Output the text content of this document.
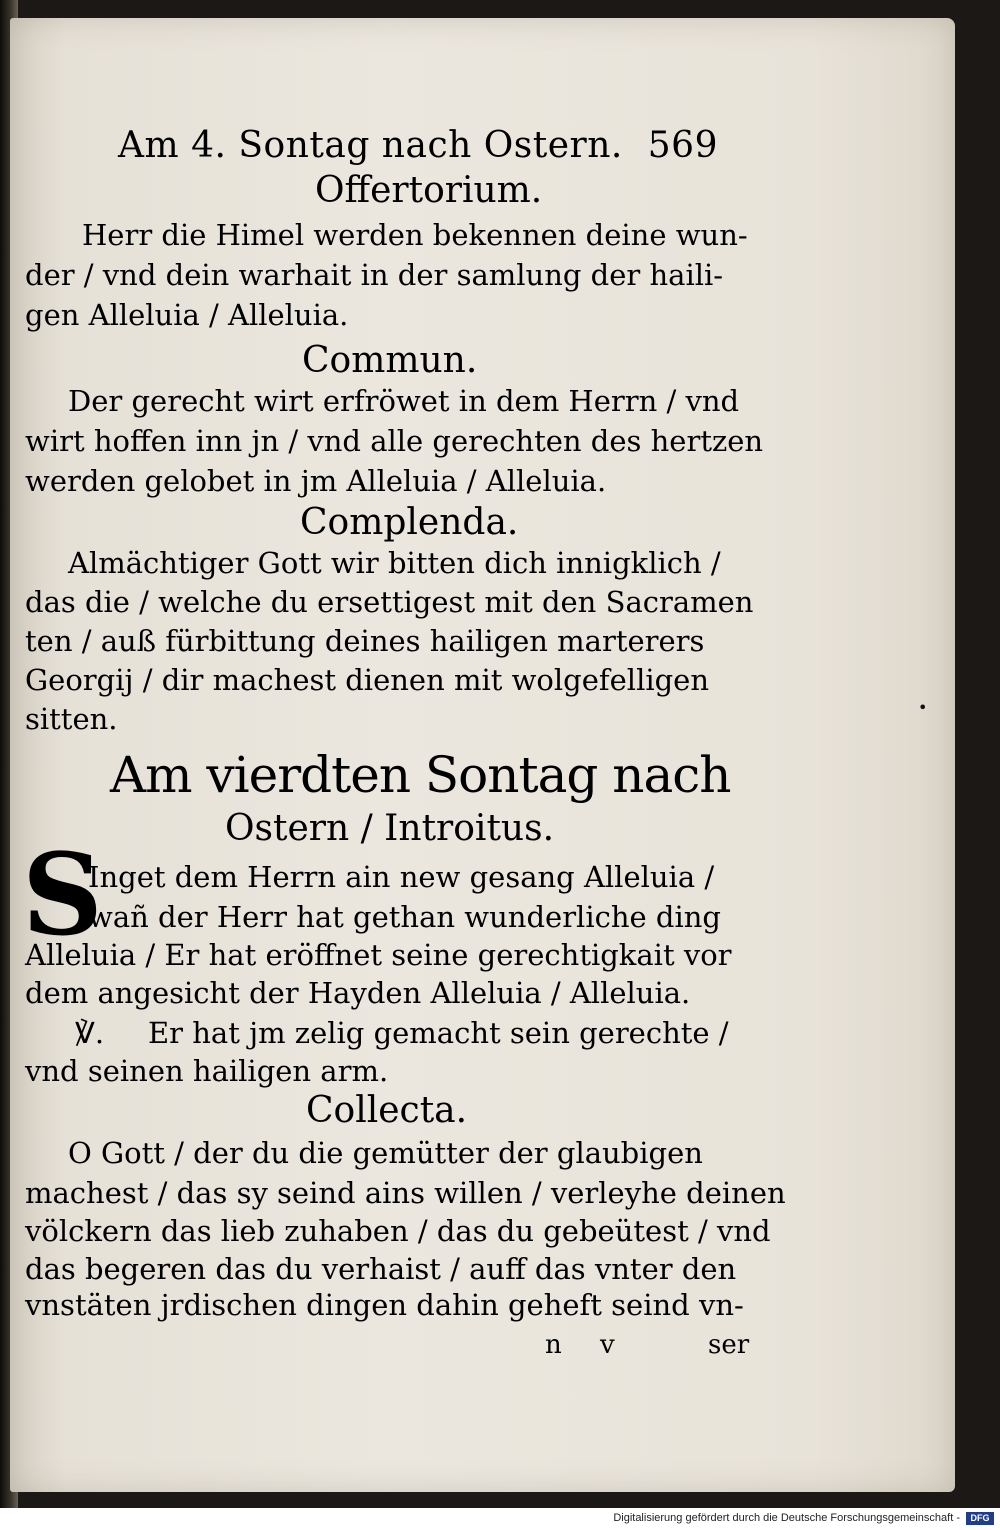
Am 4. Sontag nach Ostern. 569
Offertorium.
Herr die Himel werden bekennen deine wun-
der / vnd dein warhait in der samlung der haili-
gen Alleluia / Alleluia.
Commun.
Der gerecht wirt erfröwet in dem Herrn / vnd
wirt hoffen inn jn / vnd alle gerechten des hertzen
werden gelobet in jm Alleluia / Alleluia.
Complenda.
Almächtiger Gott wir bitten dich innigklich /
das die / welche du ersettigest mit den Sacramen
ten / auß fürbittung deines hailigen marterers
Georgij / dir machest dienen mit wolgefelligen
sitten.
Am vierdten Sontag nach
Ostern / Introitus.
S
Inget dem Herrn ain new gesang Alleluia /
wañ der Herr hat gethan wunderliche ding
Alleluia / Er hat eröffnet seine gerechtigkait vor
dem angesicht der Hayden Alleluia / Alleluia.
℣. Er hat jm zelig gemacht sein gerechte /
vnd seinen hailigen arm.
Collecta.
O Gott / der du die gemütter der glaubigen
machest / das sy seind ains willen / verleyhe deinen
völckern das lieb zuhaben / das du gebeütest / vnd
das begeren das du verhaist / auff das vnter den
vnstäten jrdischen dingen dahin geheft seind vn-
n v	ser
•
Digitalisierung gefördert durch die Deutsche Forschungsgemeinschaft -	DFG
